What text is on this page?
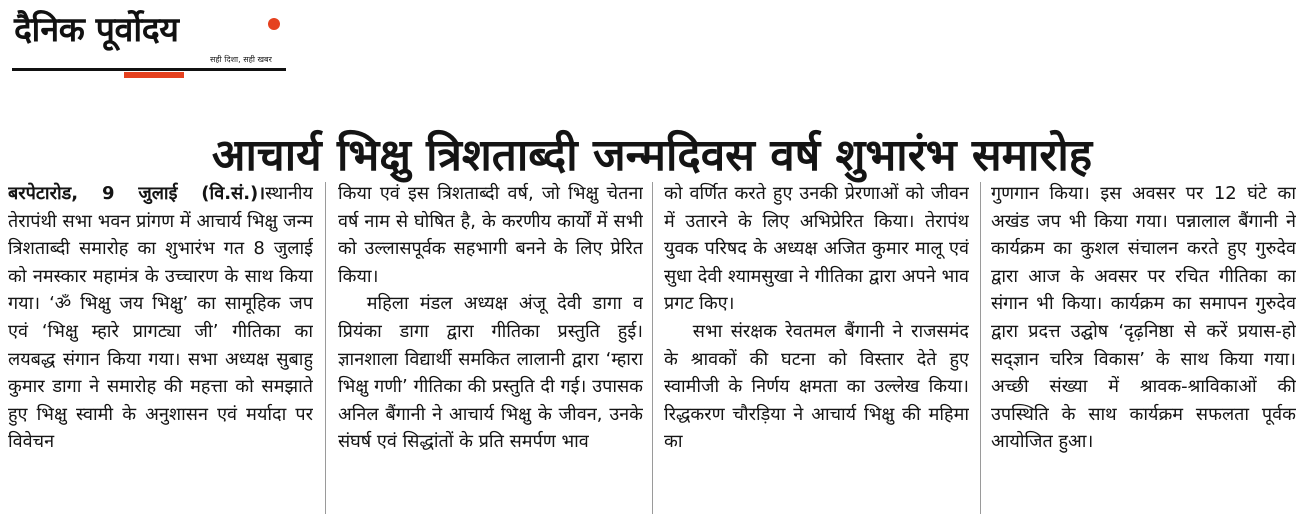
दैनिक पूर्वोदय
सही दिशा, सही खबर
आचार्य भिक्षु त्रिशताब्दी जन्मदिवस वर्ष शुभारंभ समारोह

बरपेटारोड, 9 जुलाई (वि.सं.)।स्थानीय तेरापंथी सभा भवन प्रांगण में आचार्य भिक्षु जन्म त्रिशताब्दी समारोह का शुभारंभ गत 8 जुलाई को नमस्कार महामंत्र के उच्चारण के साथ किया गया। ‘ॐ भिक्षु जय भिक्षु’ का सामूहिक जप एवं ‘भिक्षु म्हारे प्रागट्या जी’ गीतिका का लयबद्ध संगान किया गया। सभा अध्यक्ष सुबाहु कुमार डागा ने समारोह की महत्ता को समझाते हुए भिक्षु स्वामी के अनुशासन एवं मर्यादा पर विवेचन

किया एवं इस त्रिशताब्दी वर्ष, जो भिक्षु चेतना वर्ष नाम से घोषित है, के करणीय कार्यों में सभी को उल्लासपूर्वक सहभागी बनने के लिए प्रेरित किया।

महिला मंडल अध्यक्ष अंजू देवी डागा व प्रियंका डागा द्वारा गीतिका प्रस्तुति हुई। ज्ञानशाला विद्यार्थी समकित लालानी द्वारा ‘म्हारा भिक्षु गणी’ गीतिका की प्रस्तुति दी गई। उपासक अनिल बैंगानी ने आचार्य भिक्षु के जीवन, उनके संघर्ष एवं सिद्धांतों के प्रति समर्पण भाव

को वर्णित करते हुए उनकी प्रेरणाओं को जीवन में उतारने के लिए अभिप्रेरित किया। तेरापंथ युवक परिषद के अध्यक्ष अजित कुमार मालू एवं सुधा देवी श्यामसुखा ने गीतिका द्वारा अपने भाव प्रगट किए।

सभा संरक्षक रेवतमल बैंगानी ने राजसमंद के श्रावकों की घटना को विस्तार देते हुए स्वामीजी के निर्णय क्षमता का उल्लेख किया। रिद्धकरण चौरड़िया ने आचार्य भिक्षु की महिमा का

गुणगान किया। इस अवसर पर 12 घंटे का अखंड जप भी किया गया। पन्नालाल बैंगानी ने कार्यक्रम का कुशल संचालन करते हुए गुरुदेव द्वारा आज के अवसर पर रचित गीतिका का संगान भी किया। कार्यक्रम का समापन गुरुदेव द्वारा प्रदत्त उद्घोष ‘दृढ़निष्ठा से करें प्रयास-हो सद्ज्ञान चरित्र विकास’ के साथ किया गया। अच्छी संख्या में श्रावक-श्राविकाओं की उपस्थिति के साथ कार्यक्रम सफलता पूर्वक आयोजित हुआ।
